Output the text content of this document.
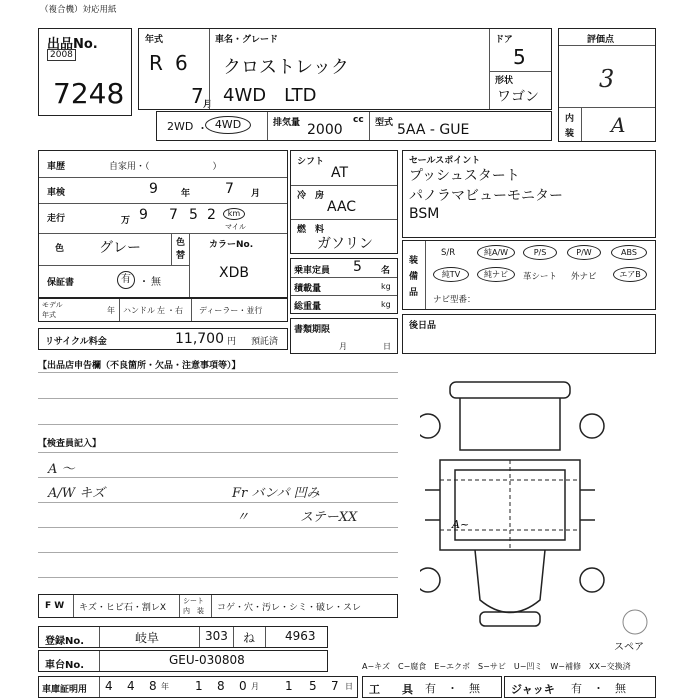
（複合機）対応用紙
出品No.
2008
7248
年式
R 6
7 月
車名・グレード
クロストレック
4WD　LTD
ドア
5
形状
ワゴン
評価点
3
内
装 A
2WD ・ 4WD	排気量 2000
cc 型式 5AA - GUE
車歴	自家用・（　　　　　　　）
車検	9	年 7 月
走行	万 9 7 5 2	km
マイル
色 グレー	色
替
カラーNo.
XDB
保証書	有 ・ 無
モデル
年式	年 ハンドル 左 ・ 右 ディーラー・並行
リサイクル料金	11,700 円 預託済
シフト
AT
冷　房
AAC
燃　料
ガソリン
乗車定員 5 名
積載量	kg
総重量	kg
書類期限
月	日
セールスポイント
プッシュスタート
パノラマビューモニター
BSM
装
備
品
S/R	純A/W	P/S	P/W	ABS
純TV	純ナビ	革シート 外ナビ	エアB
ナビ型番：
後日品
【出品店申告欄（不良箇所・欠品・注意事項等）】
【検査員記入】
A ～
A/W キズ	Fr バンパ 凹み
〃	ステーXX	A~
スペア
F W キズ・ヒビ石・割レX
シート
内　装 コゲ・穴・汚レ・シミ・破レ・スレ
登録No.	岐阜	303 ね 4963
車台No.	GEU-030808
車庫証明用 4 4 8 年 1 8 0 月 1 5 7 日
A−キズ　C−腐食　E−エクボ　S−サビ　U−凹ミ　W−補修　XX−交換済
工　　具 有　・　無	ジャッキ 有　・　無
